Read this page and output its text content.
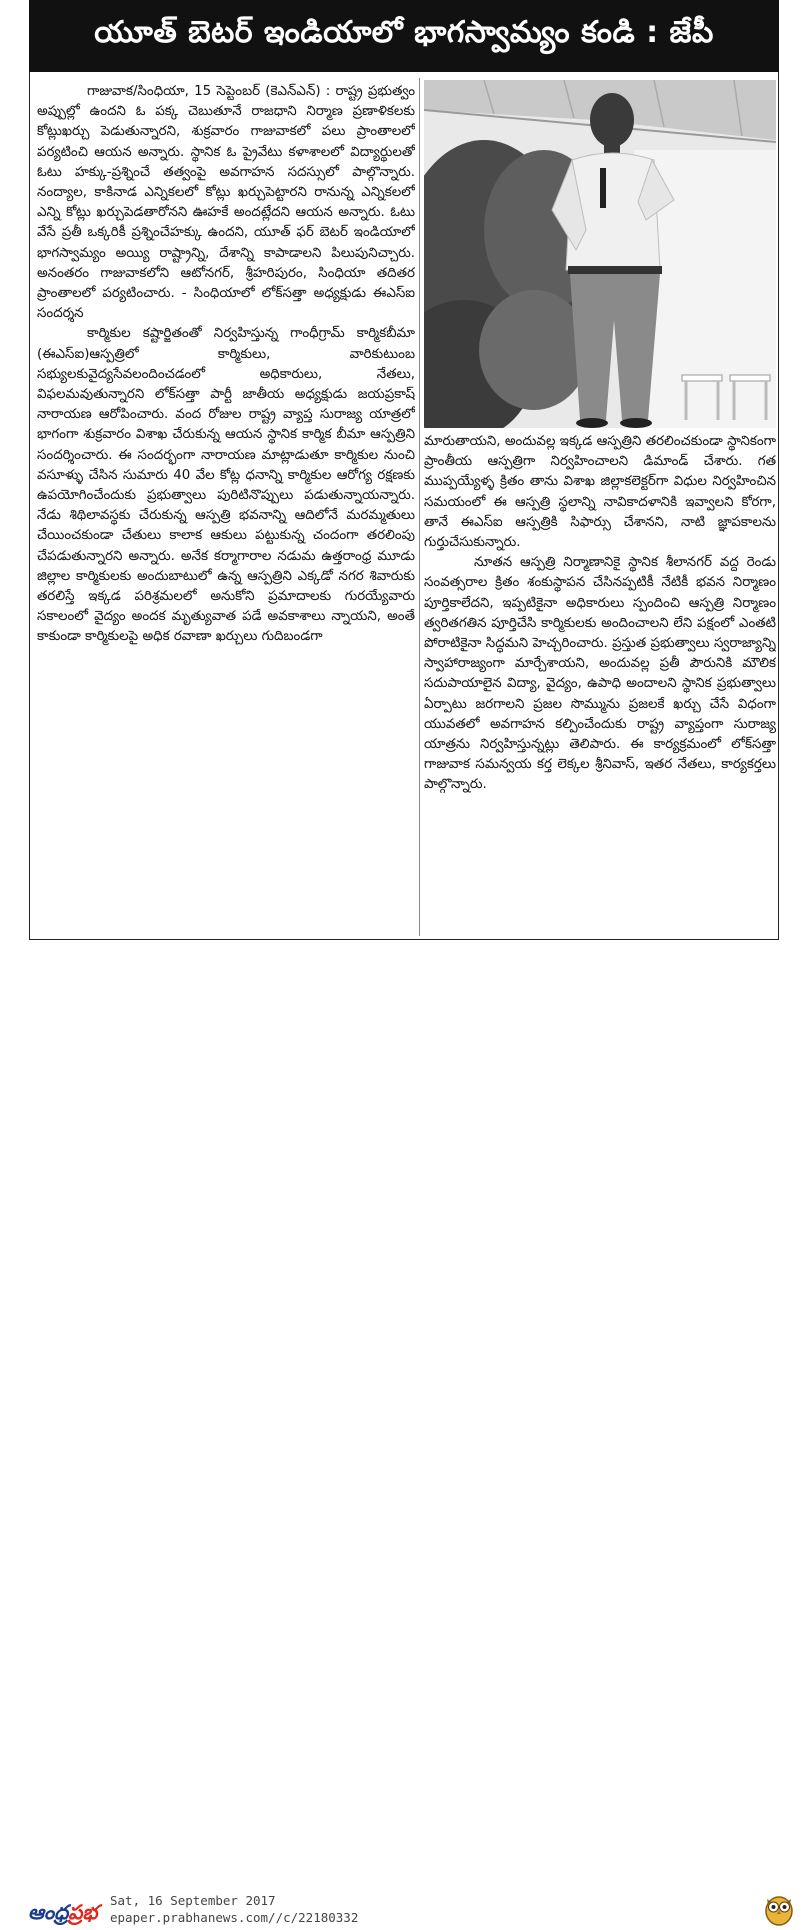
యూత్ బెటర్ ఇండియాలో భాగస్వామ్యం కండి : జేపీ

గాజువాక/సింధియా, 15 సెప్టెంబర్ (కెఎన్ఎన్) : రాష్ట్ర ప్రభుత్వం అప్పుల్లో ఉందని ఓ పక్క చెబుతూనే రాజధాని నిర్మాణ ప్రణాళికలకు కోట్లుఖర్చు పెడుతున్నారని, శుక్రవారం గాజువాకలో పలు ప్రాంతాలలో పర్యటించి ఆయన అన్నారు. స్థానిక ఓ ప్రైవేటు కళాశాలలో విద్యార్థులతో ఓటు హక్కు-ప్రశ్నించే తత్వంపై అవగాహన సదస్సులో పాల్గొన్నారు. నంద్యాల, కాకినాడ ఎన్నికలలో కోట్లు ఖర్చుపెట్టారని రానున్న ఎన్నికలలో ఎన్ని కోట్లు ఖర్చుపెడతారోనని ఊహకే అందట్లేదని ఆయన అన్నారు. ఓటు వేసే ప్రతీ ఒక్కరికీ ప్రశ్నించేహక్కు ఉందని, యూత్ ఫర్ బెటర్ ఇండియాలో భాగస్వామ్యం అయ్యి రాష్ట్రాన్ని, దేశాన్ని కాపాడాలని పిలుపునిచ్చారు. అనంతరం గాజువాకలోని ఆటోనగర్, శ్రీహరిపురం, సింధియా తదితర ప్రాంతాలలో పర్యటించారు. - సింధియాలో లోక్‌సత్తా అధ్యక్షుడు ఈఎస్ఐ సందర్శన

కార్మికుల కష్టార్జితంతో నిర్వహిస్తున్న గాంధీగ్రామ్ కార్మికబీమా (ఈఎస్ఐ)ఆస్పత్రిలో కార్మికులు, వారికుటుంబ సభ్యులకువైద్యసేవలందించడంలో అధికారులు, నేతలు, విఫలమవుతున్నారని లోక్‌సత్తా పార్టీ జాతీయ అధ్యక్షుడు జయప్రకాష్ నారాయణ ఆరోపించారు. వంద రోజుల రాష్ట్ర వ్యాప్త సురాజ్య యాత్రలో భాగంగా శుక్రవారం విశాఖ చేరుకున్న ఆయన స్థానిక కార్మిక బీమా ఆస్పత్రిని సందర్శించారు. ఈ సందర్భంగా నారాయణ మాట్లాడుతూ కార్మికుల నుంచి వసూళ్ళు చేసిన సుమారు 40 వేల కోట్ల ధనాన్ని కార్మికుల ఆరోగ్య రక్షణకు ఉపయోగించేందుకు ప్రభుత్వాలు పురిటినొప్పులు పడుతున్నాయన్నారు. నేడు శిథిలావస్థకు చేరుకున్న ఆస్పత్రి భవనాన్ని ఆదిలోనే మరమ్మతులు చేయించకుండా చేతులు కాలాక ఆకులు పట్టుకున్న చందంగా తరలింపు చేపడుతున్నారని అన్నారు. అనేక కర్మాగారాల నడుమ ఉత్తరాంధ్ర మూడు జిల్లాల కార్మికులకు అందుబాటులో ఉన్న ఆస్పత్రిని ఎక్కడో నగర శివారుకు తరలిస్తే ఇక్కడ పరిశ్రమలలో అనుకోని ప్రమాదాలకు గురయ్యేవారు సకాలంలో వైద్యం అందక మృత్యువాత పడే అవకాశాలు న్నాయని, అంతే కాకుండా కార్మికులపై అధిక రవాణా ఖర్చులు గుదిబండగా

మారుతాయని, అందువల్ల ఇక్కడ ఆస్పత్రిని తరలించకుండా స్థానికంగా ప్రాంతీయ ఆస్పత్రిగా నిర్వహించాలని డిమాండ్ చేశారు. గత ముప్పయ్యేళ్ళ క్రితం తాను విశాఖ జిల్లాకలెక్టర్‌గా విధుల నిర్వహించిన సమయంలో ఈ ఆస్పత్రి స్థలాన్ని నావికాదళానికి ఇవ్వాలని కోరగా, తానే ఈఎస్ఐ ఆస్పత్రికి సిఫార్సు చేశానని, నాటి జ్ఞాపకాలను గుర్తుచేసుకున్నారు.

నూతన ఆస్పత్రి నిర్మాణానికై స్థానిక శీలానగర్ వద్ద రెండు సంవత్సరాల క్రితం శంకుస్థాపన చేసినప్పటికీ నేటికీ భవన నిర్మాణం పూర్తికాలేదని, ఇప్పటికైనా అధికారులు స్పందించి ఆస్పత్రి నిర్మాణం త్వరితగతిన పూర్తిచేసి కార్మికులకు అందించాలని లేని పక్షంలో ఎంతటి పోరాటికైనా సిద్ధమని హెచ్చరించారు. ప్రస్తుత ప్రభుత్వాలు స్వరాజ్యాన్ని స్వాహారాజ్యంగా మార్చేశాయని, అందువల్ల ప్రతీ పౌరునికి మౌలిక సదుపాయాలైన విద్యా, వైద్యం, ఉపాధి అందాలని స్థానిక ప్రభుత్వాలు ఏర్పాటు జరగాలని ప్రజల సొమ్మును ప్రజలకే ఖర్చు చేసే విధంగా యువతలో అవగాహన కల్పించేందుకు రాష్ట్ర వ్యాప్తంగా సురాజ్య యాత్రను నిర్వహిస్తున్నట్లు తెలిపారు. ఈ కార్యక్రమంలో లోక్‌సత్తా గాజువాక సమన్వయ కర్త లెక్కల శ్రీనివాస్, ఇతర నేతలు, కార్యకర్తలు పాల్గొన్నారు.

ఆంధ్రప్రభ Sat, 16 September 2017
epaper.prabhanews.com//c/22180332
